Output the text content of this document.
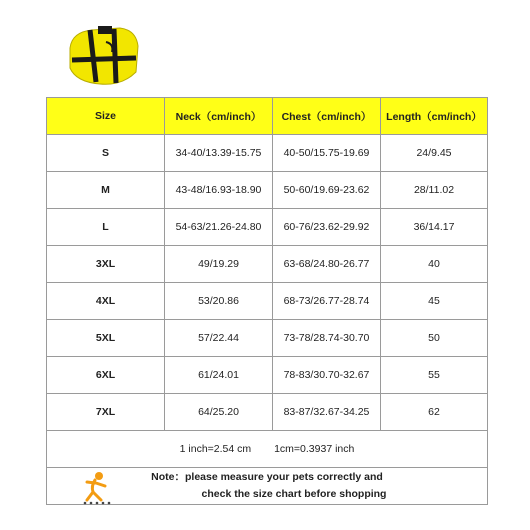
Size	Neck（cm/inch）	Chest（cm/inch）	Length（cm/inch）
S	34-40/13.39-15.75	40-50/15.75-19.69	24/9.45
M	43-48/16.93-18.90	50-60/19.69-23.62	28/11.02
L	54-63/21.26-24.80	60-76/23.62-29.92	36/14.17
3XL	49/19.29	63-68/24.80-26.77	40
4XL	53/20.86	68-73/26.77-28.74	45
5XL	57/22.44	73-78/28.74-30.70	50
6XL	61/24.01	78-83/30.70-32.67	55
7XL	64/25.20	83-87/32.67-34.25	62
1 inch=2.54 cm 1cm=0.3937 inch			

Note：please measure your pets correctly and
check the size chart before shopping			
